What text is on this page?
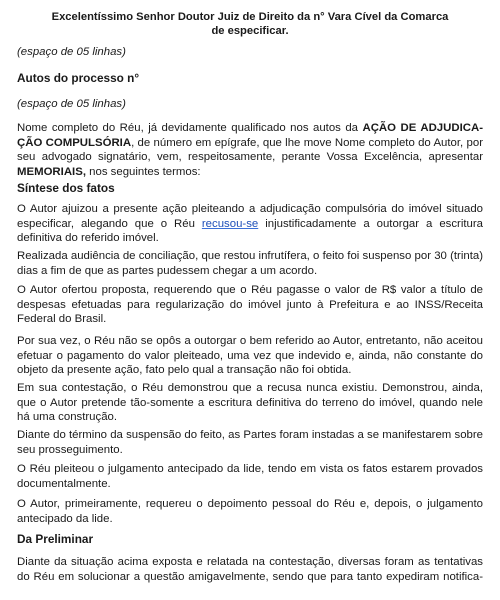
Excelentíssimo Senhor Doutor Juiz de Direito da n° Vara Cível da Comarca
de especificar.

(espaço de 05 linhas)

Autos do processo n°

(espaço de 05 linhas)

Nome completo do Réu, já devidamente qualificado nos autos da AÇÃO DE ADJUDICA-ÇÃO COMPULSÓRIA, de número em epígrafe, que lhe move Nome completo do Autor, por seu advogado signatário, vem, respeitosamente, perante Vossa Excelência, apresentar MEMORIAIS, nos seguintes termos:

Síntese dos fatos

O Autor ajuizou a presente ação pleiteando a adjudicação compulsória do imóvel situado especificar, alegando que o Réu recusou-se injustificadamente a outorgar a escritura definitiva do referido imóvel.

Realizada audiência de conciliação, que restou infrutífera, o feito foi suspenso por 30 (trinta) dias a fim de que as partes pudessem chegar a um acordo.

O Autor ofertou proposta, requerendo que o Réu pagasse o valor de R$ valor a título de despesas efetuadas para regularização do imóvel junto à Prefeitura e ao INSS/Receita Federal do Brasil.

Por sua vez, o Réu não se opôs a outorgar o bem referido ao Autor, entretanto, não aceitou efetuar o pagamento do valor pleiteado, uma vez que indevido e, ainda, não constante do objeto da presente ação, fato pelo qual a transação não foi obtida.

Em sua contestação, o Réu demonstrou que a recusa nunca existiu. Demonstrou, ainda, que o Autor pretende tão-somente a escritura definitiva do terreno do imóvel, quando nele há uma construção.

Diante do término da suspensão do feito, as Partes foram instadas a se manifestarem sobre seu prosseguimento.

O Réu pleiteou o julgamento antecipado da lide, tendo em vista os fatos estarem provados documentalmente.

O Autor, primeiramente, requereu o depoimento pessoal do Réu e, depois, o julgamento antecipado da lide.

Da Preliminar

Diante da situação acima exposta e relatada na contestação, diversas foram as tentativas do Réu em solucionar a questão amigavelmente, sendo que para tanto expediram notifica-
